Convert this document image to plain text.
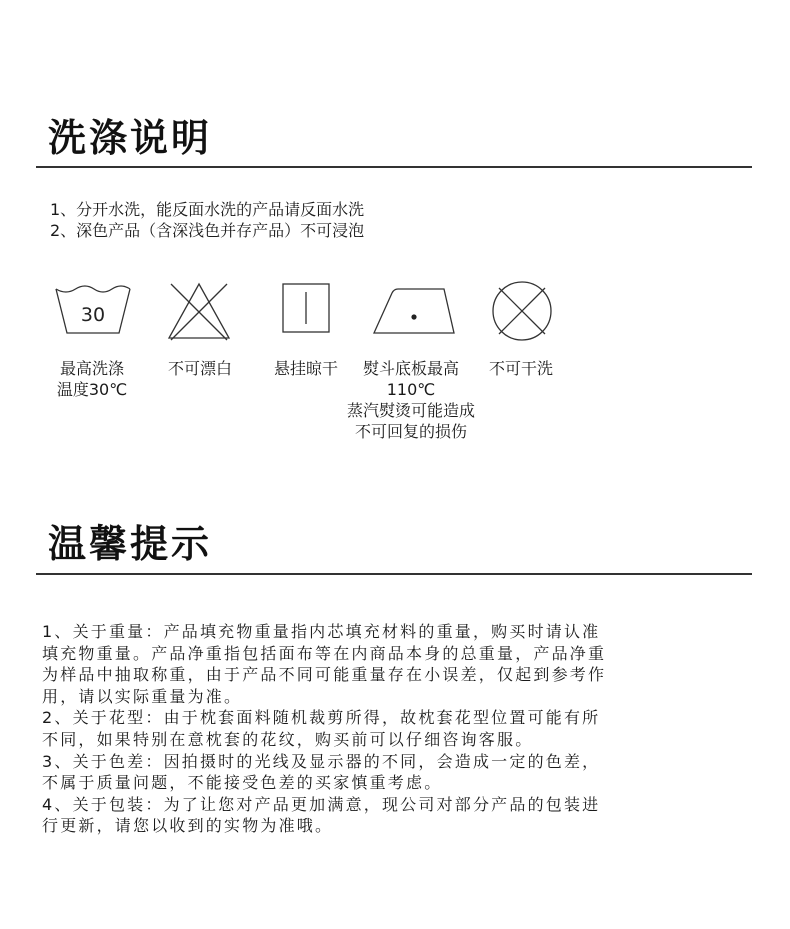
洗涤说明
1、分开水洗，能反面水洗的产品请反面水洗
2、深色产品（含深浅色并存产品）不可浸泡
30
最高洗涤
温度30℃
不可漂白	悬挂晾干	熨斗底板最高
110℃
蒸汽熨烫可能造成
不可回复的损伤
不可干洗
温馨提示

1、关于重量：产品填充物重量指内芯填充材料的重量，购买时请认准

填充物重量。产品净重指包括面布等在内商品本身的总重量，产品净重

为样品中抽取称重，由于产品不同可能重量存在小误差，仅起到参考作

用，请以实际重量为准。

2、关于花型：由于枕套面料随机裁剪所得，故枕套花型位置可能有所

不同，如果特别在意枕套的花纹，购买前可以仔细咨询客服。

3、关于色差：因拍摄时的光线及显示器的不同，会造成一定的色差，

不属于质量问题，不能接受色差的买家慎重考虑。

4、关于包装：为了让您对产品更加满意，现公司对部分产品的包装进

行更新，请您以收到的实物为准哦。
